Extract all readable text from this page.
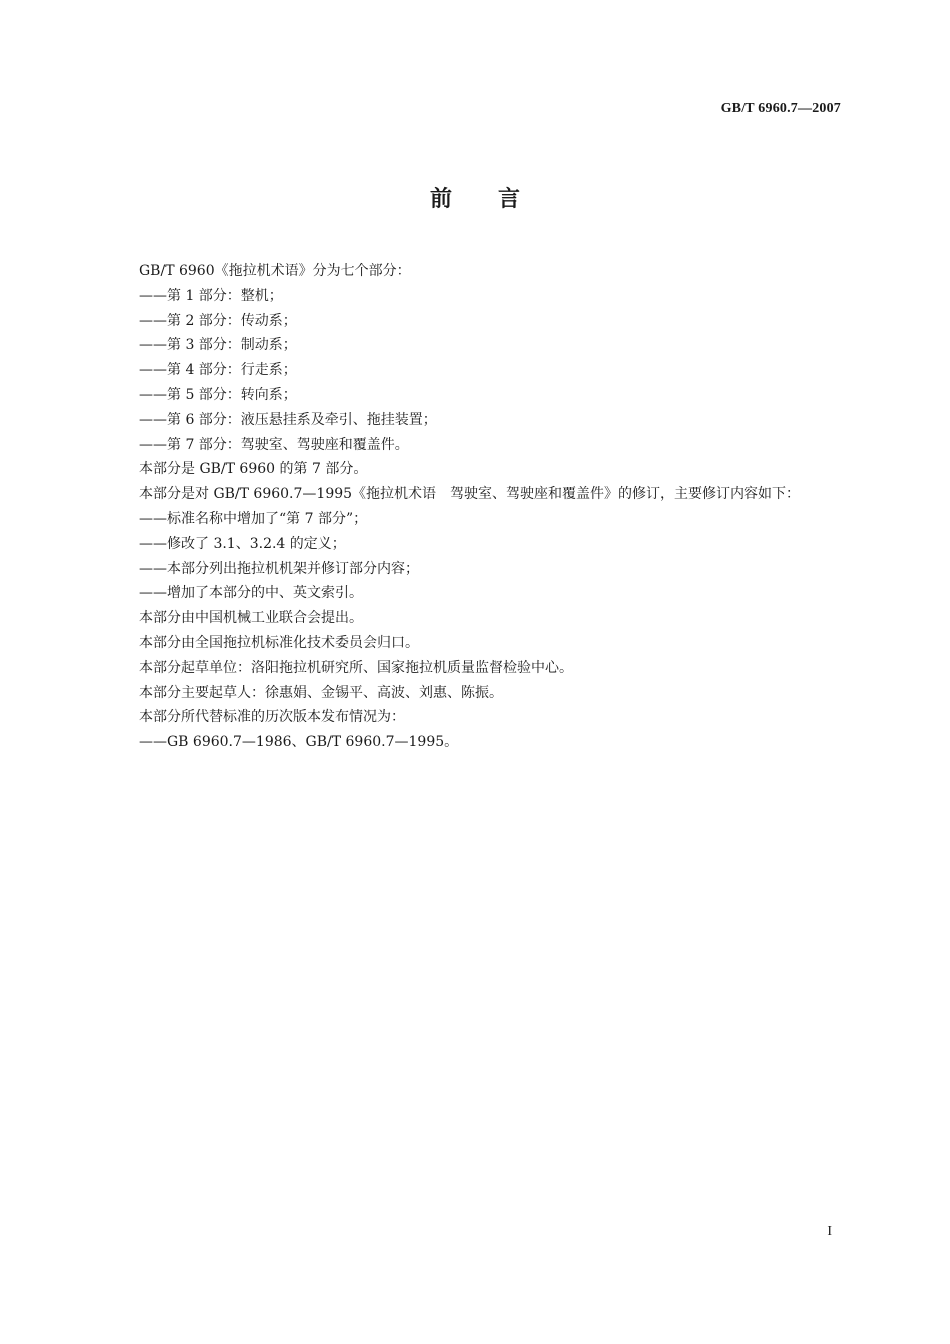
GB/T 6960.7—2007
前言

GB/T 6960《拖拉机术语》分为七个部分：

——第 1 部分：整机；

——第 2 部分：传动系；

——第 3 部分：制动系；

——第 4 部分：行走系；

——第 5 部分：转向系；

——第 6 部分：液压悬挂系及牵引、拖挂装置；

——第 7 部分：驾驶室、驾驶座和覆盖件。

本部分是 GB/T 6960 的第 7 部分。

本部分是对 GB/T 6960.7—1995《拖拉机术语　驾驶室、驾驶座和覆盖件》的修订，主要修订内容如下：

——标准名称中增加了“第 7 部分”；

——修改了 3.1、3.2.4 的定义；

——本部分列出拖拉机机架并修订部分内容；

——增加了本部分的中、英文索引。

本部分由中国机械工业联合会提出。

本部分由全国拖拉机标准化技术委员会归口。

本部分起草单位：洛阳拖拉机研究所、国家拖拉机质量监督检验中心。

本部分主要起草人：徐惠娟、金锡平、高波、刘惠、陈振。

本部分所代替标准的历次版本发布情况为：

——GB 6960.7—1986、GB/T 6960.7—1995。

I
